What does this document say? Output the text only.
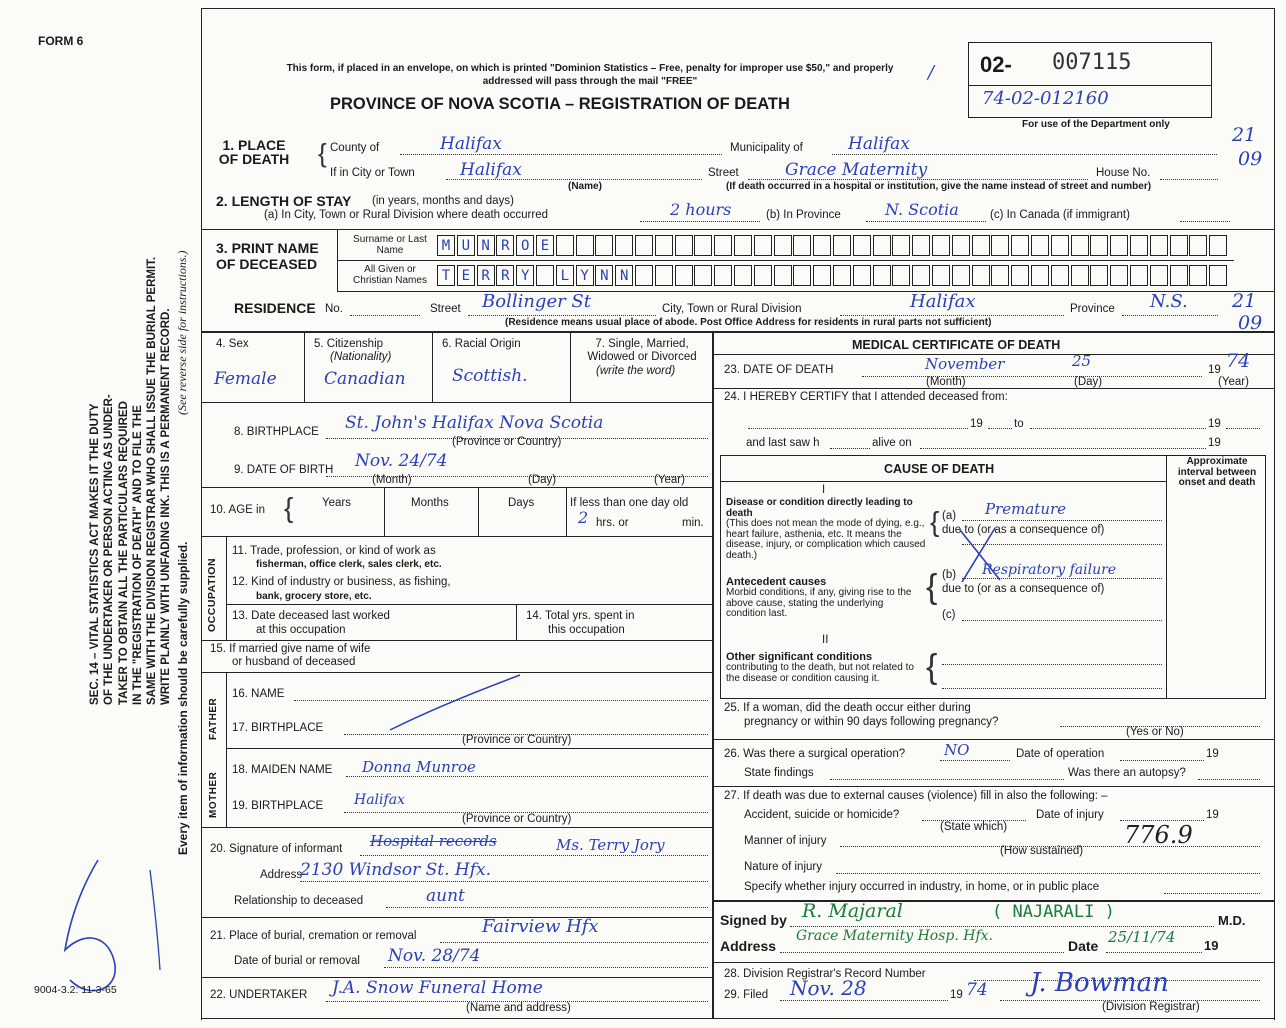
FORM 6
SEC. 14 – VITAL STATISTICS ACT MAKES IT THE DUTY OF THE UNDERTAKER OR PERSON ACTING AS UNDER- TAKER TO OBTAIN ALL THE PARTICULARS REQUIRED IN THE "REGISTRATION OF DEATH" AND TO FILE THE SAME WITH THE DIVISION REGISTRAR WHO SHALL ISSUE THE BURIAL PERMIT. WRITE PLAINLY WITH UNFADING INK. THIS IS A PERMANENT RECORD. (See reverse side for instructions.)
Every item of information should be carefully supplied.
9004-3.2: 11-3-65
This form, if placed in an envelope, on which is printed "Dominion Statistics – Free, penalty for improper use $50," and properly addressed will pass through the mail "FREE"
PROVINCE OF NOVA SCOTIA – REGISTRATION OF DEATH
02- 007115
74-02-012160
For use of the Department only
/
21
09
21
09
1. PLACE OF DEATH { County of	Halifax	Municipality of	Halifax
If in City or Town	Halifax
(Name)
Street	Grace Maternity	House No.
(If death occurred in a hospital or institution, give the name instead of street and number)
2. LENGTH OF STAY (in years, months and days)
(a) In City, Town or Rural Division where death occurred	2 hours	(b) In Province	N. Scotia	(c) In Canada (if immigrant)
3. PRINT NAME OF DECEASED
Surname or Last Name
All Given or Christian Names
M U N R O E
T E R R Y	L Y N N
RESIDENCE No.	Street Bollinger St	City, Town or Rural Division	Halifax	Province N.S.
(Residence means usual place of abode. Post Office Address for residents in rural parts not sufficient)
4. Sex
Female
5. Citizenship
(Nationality)
Canadian
6. Racial Origin
Scottish.
7. Single, Married, Widowed or Divorced
(write the word)
8. BIRTHPLACE St. John's Halifax Nova Scotia
(Province or Country)
9. DATE OF BIRTH Nov. 24/74
(Month)	(Day)	(Year)
10. AGE in { Years	Months	Days	If less than one day old
2 hrs. or	min.
OCCUPATION
11. Trade, profession, or kind of work as
fisherman, office clerk, sales clerk, etc.
12. Kind of industry or business, as fishing,
bank, grocery store, etc.
13. Date deceased last worked
at this occupation
14. Total yrs. spent in
this occupation
15. If married give name of wife
or husband of deceased
FATHER
16. NAME
17. BIRTHPLACE
(Province or Country)
MOTHER
18. MAIDEN NAME Donna Munroe
19. BIRTHPLACE Halifax
(Province or Country)
20. Signature of informant Hospital records	Ms. Terry Jory
Address
2130 Windsor St. Hfx.
Relationship to deceased	aunt
21. Place of burial, cremation or removal	Fairview Hfx
Date of burial or removal Nov. 28/74
22. UNDERTAKER J.A. Snow Funeral Home
(Name and address)
MEDICAL CERTIFICATE OF DEATH
23. DATE OF DEATH	November	25	19 74
(Month)	(Day)	(Year)
24. I HEREBY CERTIFY that I attended deceased from:
19	to	19
and last saw h	alive on	19
CAUSE OF DEATH
Approximate interval between onset and death
I
Disease or condition directly leading to death
(This does not mean the mode of dying, e.g., heart failure, asthenia, etc. It means the disease, injury, or complication which caused death.)
{ (a) Premature
due to (or as a consequence of)
Antecedent causes
Morbid conditions, if any, giving rise to the above cause, stating the underlying condition last.
{ (b) Respiratory failure
due to (or as a consequence of)
(c)
II
Other significant conditions
contributing to the death, but not related to the disease or condition causing it.	{
25. If a woman, did the death occur either during
pregnancy or within 90 days following pregnancy?
(Yes or No)
26. Was there a surgical operation?	NO	Date of operation	19
State findings	Was there an autopsy?
27. If death was due to external causes (violence) fill in also the following: –
Accident, suicide or homicide?
(State which)
Date of injury	19
Manner of injury
(How sustained)
776.9
Nature of injury
Specify whether injury occurred in industry, in home, or in public place
Signed by R. Majaral	( NAJARALI )	M.D.
Address
Grace Maternity Hosp. Hfx.
Date 25/11/74 19
28. Division Registrar's Record Number
29. Filed Nov. 28	19 74 J. Bowman
(Division Registrar)
